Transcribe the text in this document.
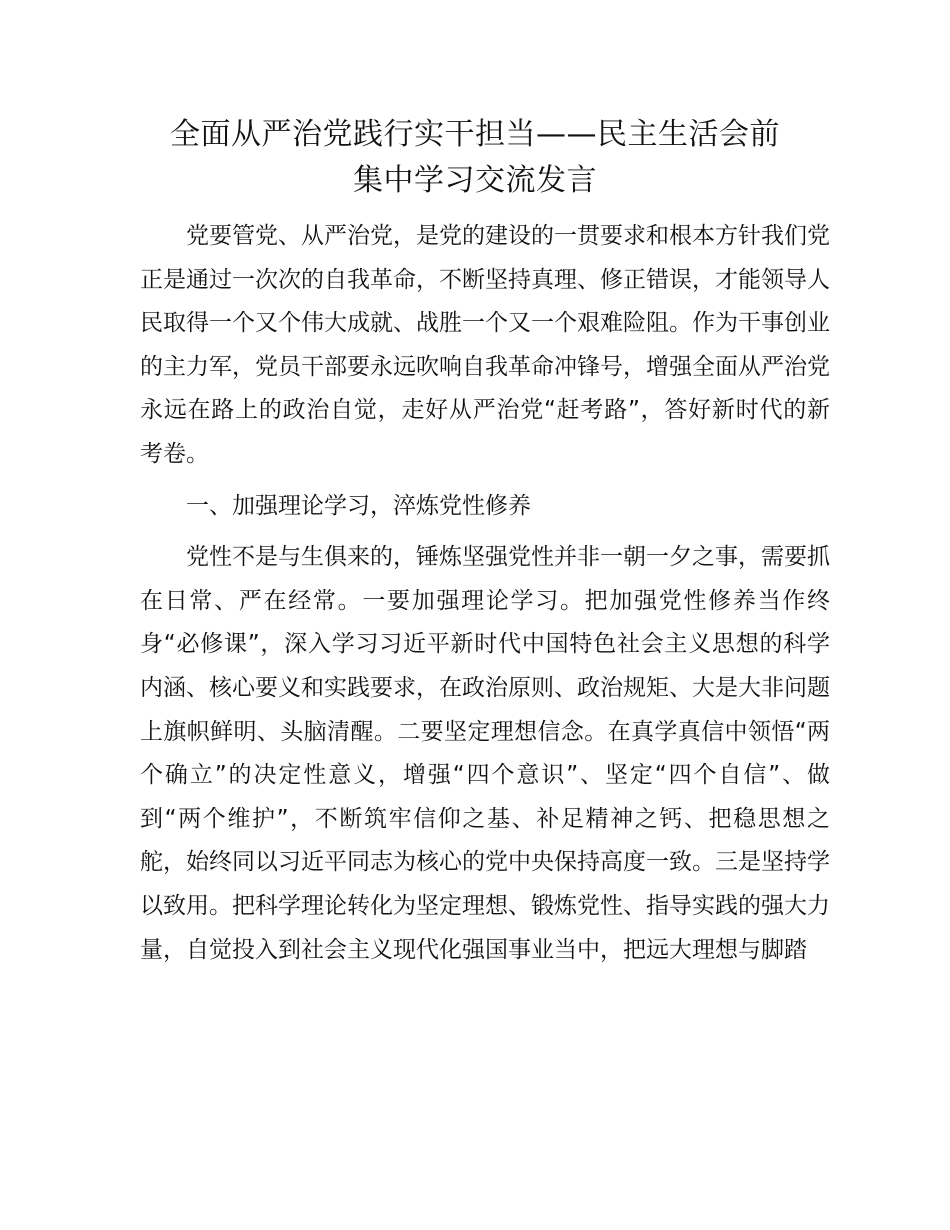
全面从严治党践行实干担当——民主生活会前
集中学习交流发言

党要管党、从严治党，是党的建设的一贯要求和根本方针我们党正是通过一次次的自我革命，不断坚持真理、修正错误，才能领导人民取得一个又个伟大成就、战胜一个又一个艰难险阻。作为干事创业的主力军，党员干部要永远吹响自我革命冲锋号，增强全面从严治党永远在路上的政治自觉，走好从严治党“赶考路”，答好新时代的新考卷。

一、加强理论学习，淬炼党性修养

党性不是与生俱来的，锤炼坚强党性并非一朝一夕之事，需要抓在日常、严在经常。一要加强理论学习。把加强党性修养当作终身“必修课”，深入学习习近平新时代中国特色社会主义思想的科学内涵、核心要义和实践要求，在政治原则、政治规矩、大是大非问题上旗帜鲜明、头脑清醒。二要坚定理想信念。在真学真信中领悟“两个确立”的决定性意义，增强“四个意识”、坚定“四个自信”、做到“两个维护”，不断筑牢信仰之基、补足精神之钙、把稳思想之舵，始终同以习近平同志为核心的党中央保持高度一致。三是坚持学以致用。把科学理论转化为坚定理想、锻炼党性、指导实践的强大力量，自觉投入到社会主义现代化强国事业当中，把远大理想与脚踏
